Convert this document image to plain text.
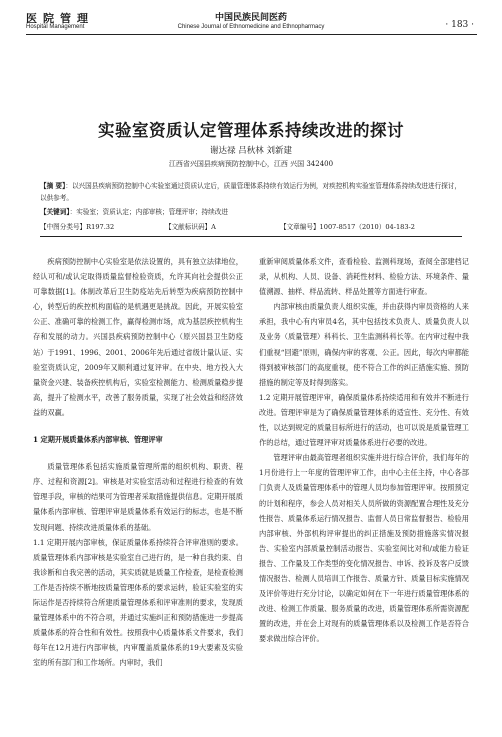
医院管理
Hospital Management
中国民族民间医药
Chinese Journal of Ethnomedicine and Ethnopharmacy	· 183 ·
实验室资质认定管理体系持续改进的探讨
谢达禄 吕秋林 刘新建
江西省兴国县疾病预防控制中心，江西 兴国 342400
【摘 要】：以兴国县疾病预防控制中心实验室通过资质认定后，质量管理体系持续有效运行为例，对疾控机构实验室管理体系持续改进进行探讨，以供参考。
【关键词】：实验室；资质认定；内部审核；管理评审；持续改进
【中图分类号】R197.32	【文献标识码】A	【文章编号】1007-8517（2010）04-183-2

疾病预防控制中心实验室是依法设置的，具有独立法律地位，经认可和/或认定取得质量监督检验资质，允许其向社会提供公正可靠数据[1]。体制改革后卫生防疫站先后转型为疾病预防控制中心，转型后的疾控机构面临的是机遇更是挑战。因此，开展实验室公正、准确可靠的检测工作，赢得检测市场，成为基层疾控机构生存和发展的动力。兴国县疾病预防控制中心（原兴国县卫生防疫站）于1991、1996、2001、2006年先后通过省级计量认证、实验室资质认定，2009年又顺利通过复评审。在中央、地方投入大量资金兴建、装备疾控机构后，实验室检测能力、检测质量稳步提高，提升了检测水平，改善了服务质量，实现了社会效益和经济效益的双赢。

1 定期开展质量体系内部审核、管理评审

质量管理体系包括实施质量管理所需的组织机构、职责、程序、过程和资源[2]。审核是对实验室活动和过程进行检查的有效管理手段，审核的结果可为管理者采取措施提供信息。定期开展质量体系内部审核、管理评审是质量体系有效运行的标志，也是不断发现问题、持续改进质量体系的基础。

1.1 定期开展内部审核，保证质量体系持续符合评审准则的要求。质量管理体系内部审核是实验室自己进行的，是一种自我约束、自我诊断和自我完善的活动，其实质就是质量工作检查，是检查检测工作是否持续不断地按质量管理体系的要求运转，验证实验室的实际运作是否持续符合所建质量管理体系和评审准则的要求，发现质量管理体系中的不符合项，并通过实施纠正和预防措施进一步提高质量体系的符合性和有效性。按照我中心质量体系文件要求，我们每年在12月进行内部审核，内审覆盖质量体系的19大要素及实验室的所有部门和工作场所。内审时，我们

重新审阅质量体系文件，查看检验、监测科现场，查阅全部建档记录，从机构、人员、设备、消耗性材料、检验方法、环境条件、量值溯源、抽样、样品流转、样品处置等方面进行审查。

内部审核由质量负责人组织实施，并由获得内审员资格的人来承担，我中心有内审员4名，其中包括技术负责人、质量负责人以及业务（质量管理）科科长、卫生监测科科长等。在内审过程中我们重视“回避”原则，确保内审的客观、公正。因此，每次内审都能得到被审核部门的高度重视，使不符合工作的纠正措施实施、预防措施的制定等及时得到落实。

1.2 定期开展管理评审，确保质量体系持续适用和有效并不断进行改进。管理评审是为了确保质量管理体系的适宜性、充分性、有效性，以达到规定的质量目标所进行的活动，也可以说是质量管理工作的总结，通过管理评审对质量体系进行必要的改进。

管理评审由最高管理者组织实施并进行综合评价，我们每年的1月份进行上一年度的管理评审工作，由中心主任主持，中心各部门负责人及质量管理体系中的管理人员均参加管理评审。按照预定的计划和程序，参会人员对相关人员所做的资源配置合理性及充分性报告、质量体系运行情况报告、监督人员日常监督报告、检验用内部审核、外部机构评审提出的纠正措施及预防措施落实情况报告、实验室内部质量控制活动报告、实验室间比对和/或能力验证报告、工作量及工作类型的变化情况报告、申诉、投诉及客户反馈情况报告、检测人员培训工作报告、质量方针、质量目标实施情况及评价等进行充分讨论，以确定如何在下一年进行质量管理体系的改进、检测工作质量、服务质量的改进，质量管理体系所需资源配置的改进，并在会上对现有的质量管理体系以及检测工作是否符合要求做出综合评价。
